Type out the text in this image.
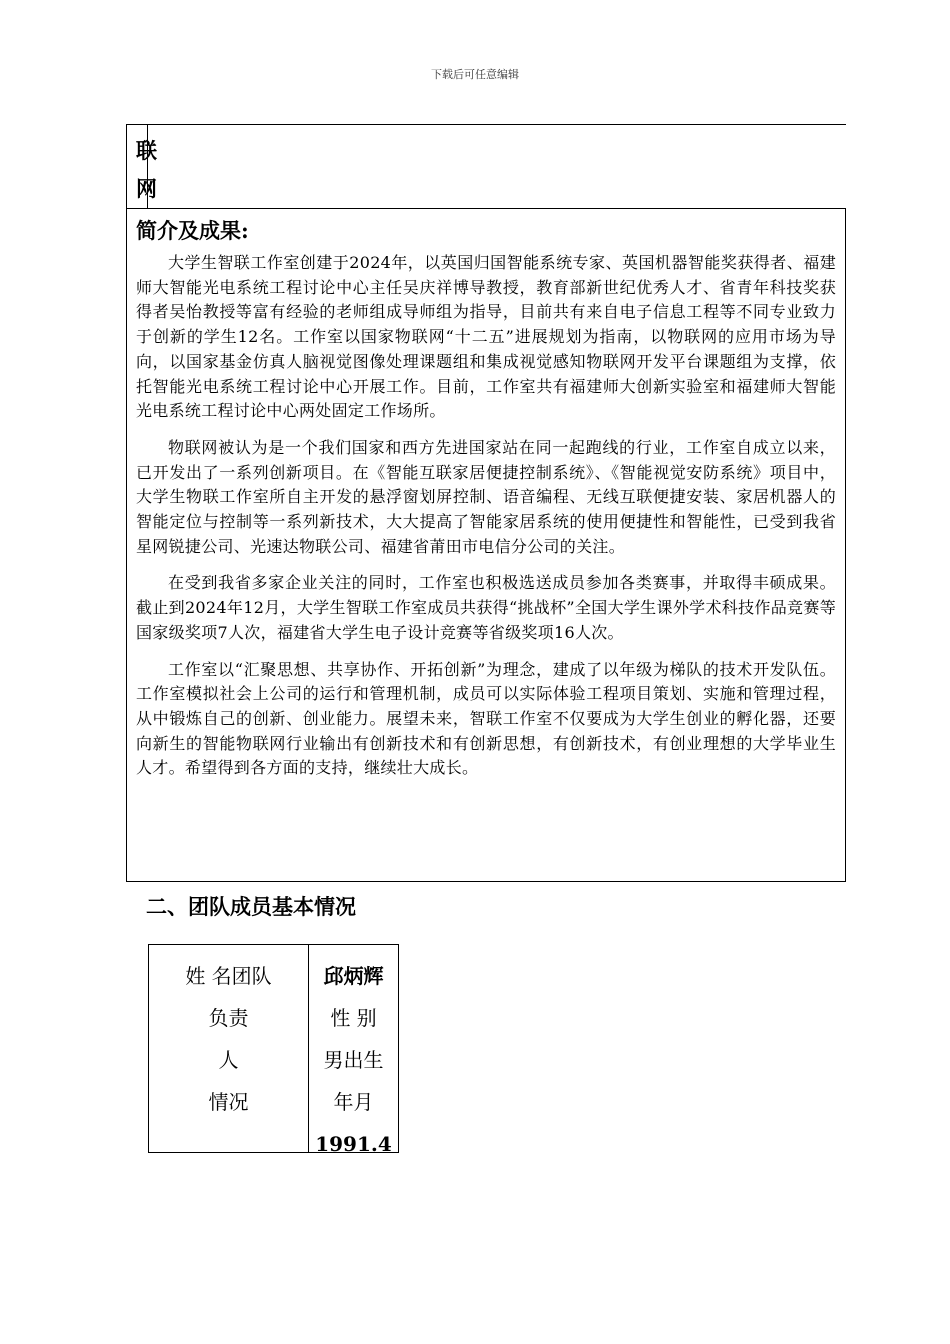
下载后可任意编辑
联
网
简介及成果:

大学生智联工作室创建于2024年，以英国归国智能系统专家、英国机器智能奖获得者、福建师大智能光电系统工程讨论中心主任吴庆祥博导教授，教育部新世纪优秀人才、省青年科技奖获得者吴怡教授等富有经验的老师组成导师组为指导，目前共有来自电子信息工程等不同专业致力于创新的学生12名。工作室以国家物联网“十二五”进展规划为指南，以物联网的应用市场为导向，以国家基金仿真人脑视觉图像处理课题组和集成视觉感知物联网开发平台课题组为支撑，依托智能光电系统工程讨论中心开展工作。目前，工作室共有福建师大创新实验室和福建师大智能光电系统工程讨论中心两处固定工作场所。

物联网被认为是一个我们国家和西方先进国家站在同一起跑线的行业，工作室自成立以来，已开发出了一系列创新项目。在《智能互联家居便捷控制系统》、《智能视觉安防系统》项目中，大学生物联工作室所自主开发的悬浮窗划屏控制、语音编程、无线互联便捷安装、家居机器人的智能定位与控制等一系列新技术，大大提高了智能家居系统的使用便捷性和智能性，已受到我省星网锐捷公司、光速达物联公司、福建省莆田市电信分公司的关注。

在受到我省多家企业关注的同时，工作室也积极选送成员参加各类赛事，并取得丰硕成果。截止到2024年12月，大学生智联工作室成员共获得“挑战杯”全国大学生课外学术科技作品竞赛等国家级奖项7人次，福建省大学生电子设计竞赛等省级奖项16人次。

工作室以“汇聚思想、共享协作、开拓创新”为理念，建成了以年级为梯队的技术开发队伍。工作室模拟社会上公司的运行和管理机制，成员可以实际体验工程项目策划、实施和管理过程，从中锻炼自己的创新、创业能力。展望未来，智联工作室不仅要成为大学生创业的孵化器，还要向新生的智能物联网行业输出有创新技术和有创新思想，有创新技术，有创业理想的大学毕业生人才。希望得到各方面的支持，继续壮大成长。

二、团队成员基本情况
姓 名团队
负责
人
情况
邱炳辉
性 别
男出生
年月
1991.4
